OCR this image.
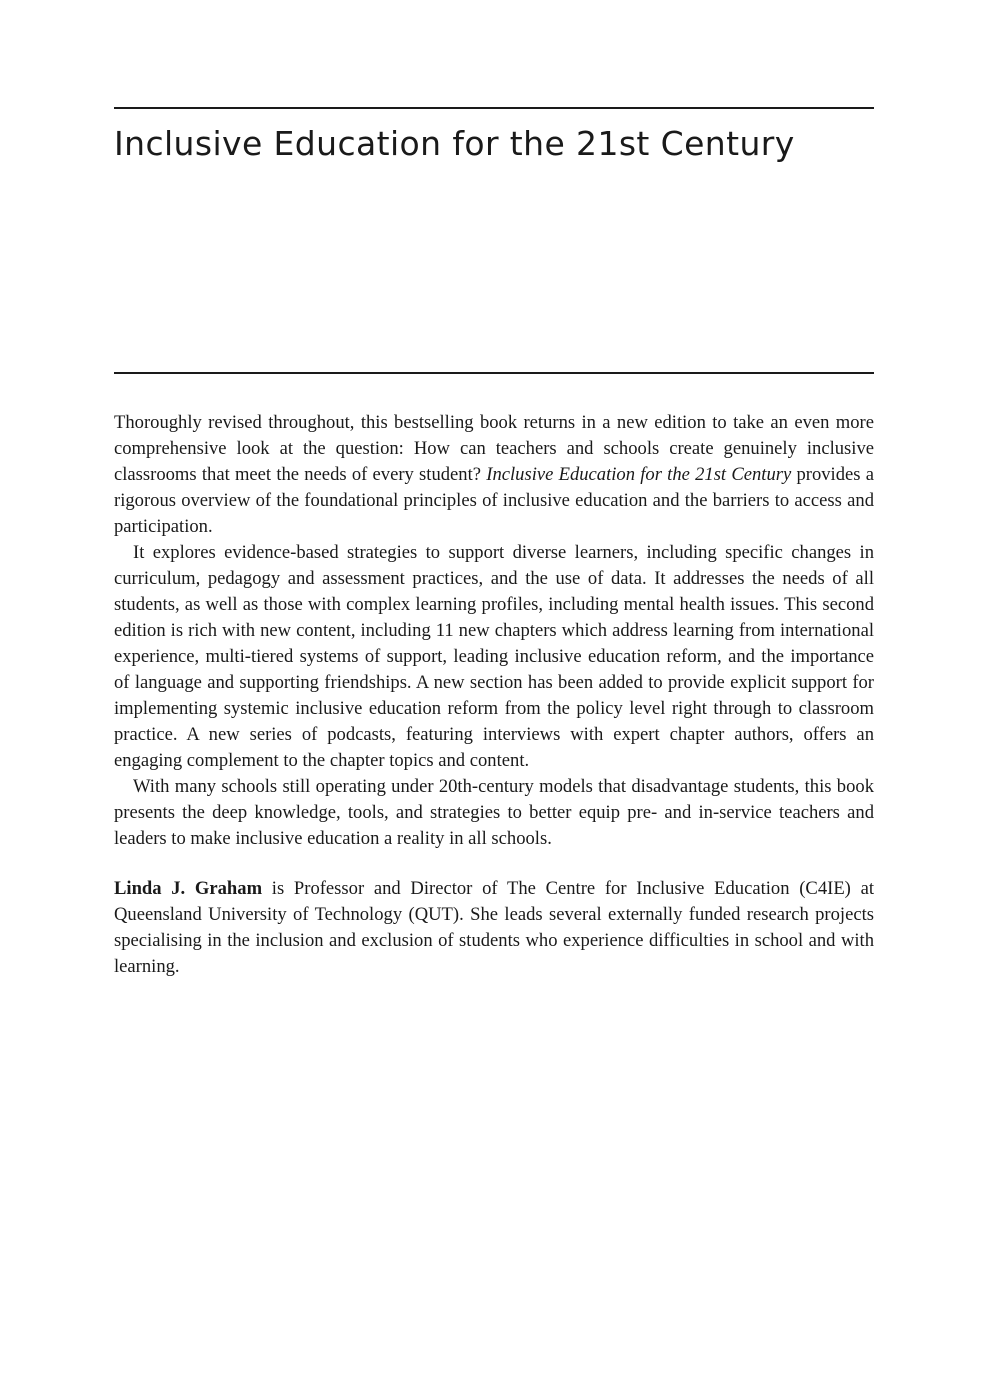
Inclusive Education for the 21st Century

Thoroughly revised throughout, this bestselling book returns in a new edition to take an even more comprehensive look at the question: How can teachers and schools create genuinely inclusive classrooms that meet the needs of every student? Inclusive Education for the 21st Century provides a rigorous overview of the foundational principles of inclusive education and the barriers to access and participation.

It explores evidence-based strategies to support diverse learners, including specific changes in curriculum, pedagogy and assessment practices, and the use of data. It addresses the needs of all students, as well as those with complex learning profiles, including mental health issues. This second edition is rich with new content, including 11 new chapters which address learning from international experience, multi-tiered systems of support, leading inclusive education reform, and the importance of language and supporting friendships. A new section has been added to provide explicit support for implementing systemic inclusive education reform from the policy level right through to classroom practice. A new series of podcasts, featuring interviews with expert chapter authors, offers an engaging complement to the chapter topics and content.

With many schools still operating under 20th-century models that disadvantage students, this book presents the deep knowledge, tools, and strategies to better equip pre- and in-service teachers and leaders to make inclusive education a reality in all schools.

Linda J. Graham is Professor and Director of The Centre for Inclusive Education (C4IE) at Queensland University of Technology (QUT). She leads several externally funded research projects specialising in the inclusion and exclusion of students who experience difficulties in school and with learning.
